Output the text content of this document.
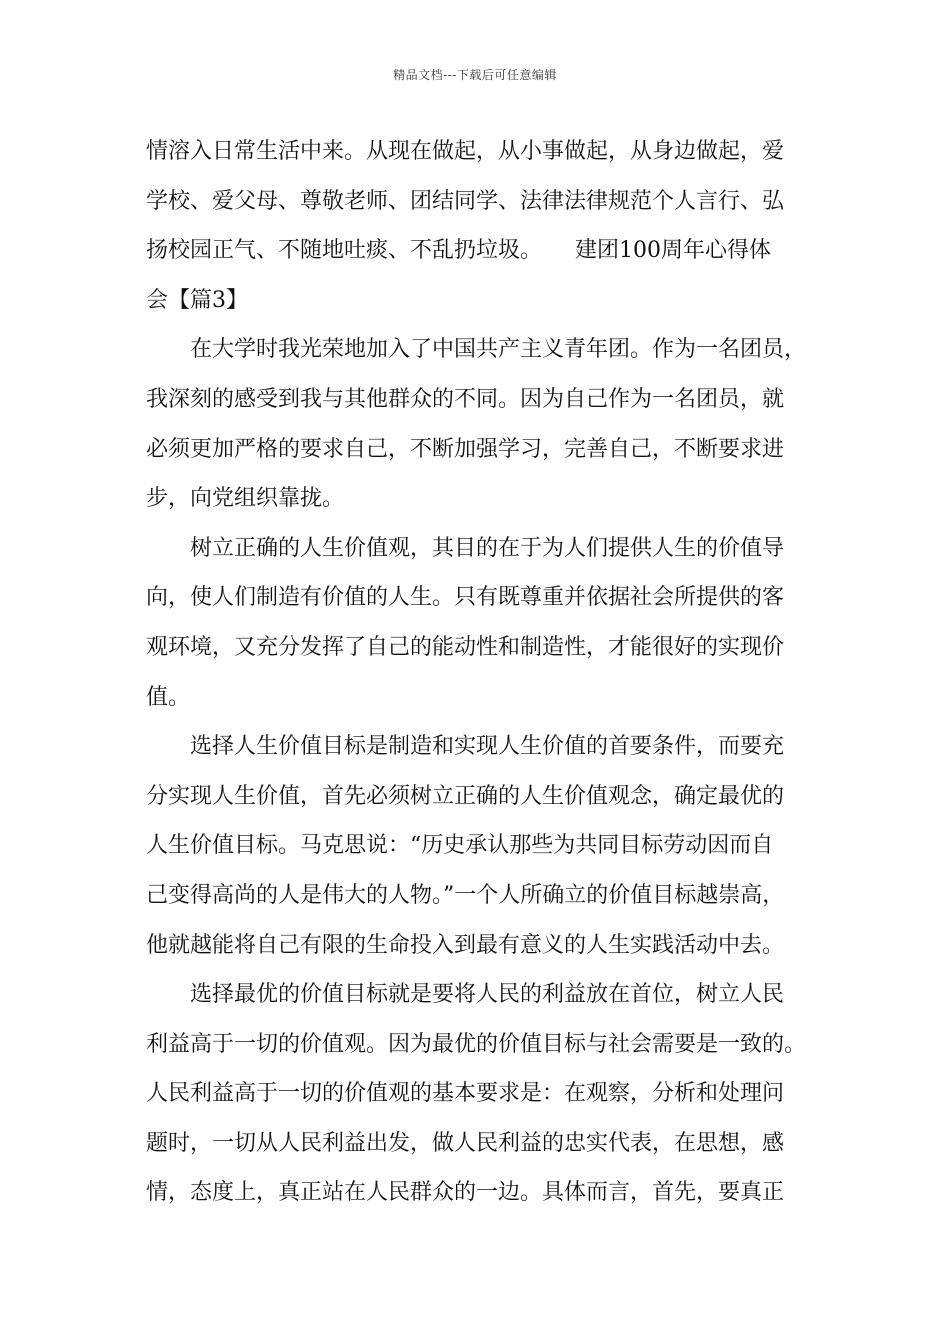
精品文档---下载后可任意编辑
情溶入日常生活中来。从现在做起，从小事做起，从身边做起，爱
学校、爱父母、尊敬老师、团结同学、法律法律规范个人言行、弘
扬校园正气、不随地吐痰、不乱扔垃圾。　　建团100周年心得体
会【篇3】
在大学时我光荣地加入了中国共产主义青年团。作为一名团员，
我深刻的感受到我与其他群众的不同。因为自己作为一名团员，就
必须更加严格的要求自己，不断加强学习，完善自己，不断要求进
步，向党组织靠拢。
树立正确的人生价值观，其目的在于为人们提供人生的价值导
向，使人们制造有价值的人生。只有既尊重并依据社会所提供的客
观环境，又充分发挥了自己的能动性和制造性，才能很好的实现价
值。
选择人生价值目标是制造和实现人生价值的首要条件，而要充
分实现人生价值，首先必须树立正确的人生价值观念，确定最优的
人生价值目标。马克思说：“历史承认那些为共同目标劳动因而自
己变得高尚的人是伟大的人物。”一个人所确立的价值目标越崇高，
他就越能将自己有限的生命投入到最有意义的人生实践活动中去。
选择最优的价值目标就是要将人民的利益放在首位，树立人民
利益高于一切的价值观。因为最优的价值目标与社会需要是一致的。
人民利益高于一切的价值观的基本要求是：在观察，分析和处理问
题时，一切从人民利益出发，做人民利益的忠实代表，在思想，感
情，态度上，真正站在人民群众的一边。具体而言，首先，要真正
